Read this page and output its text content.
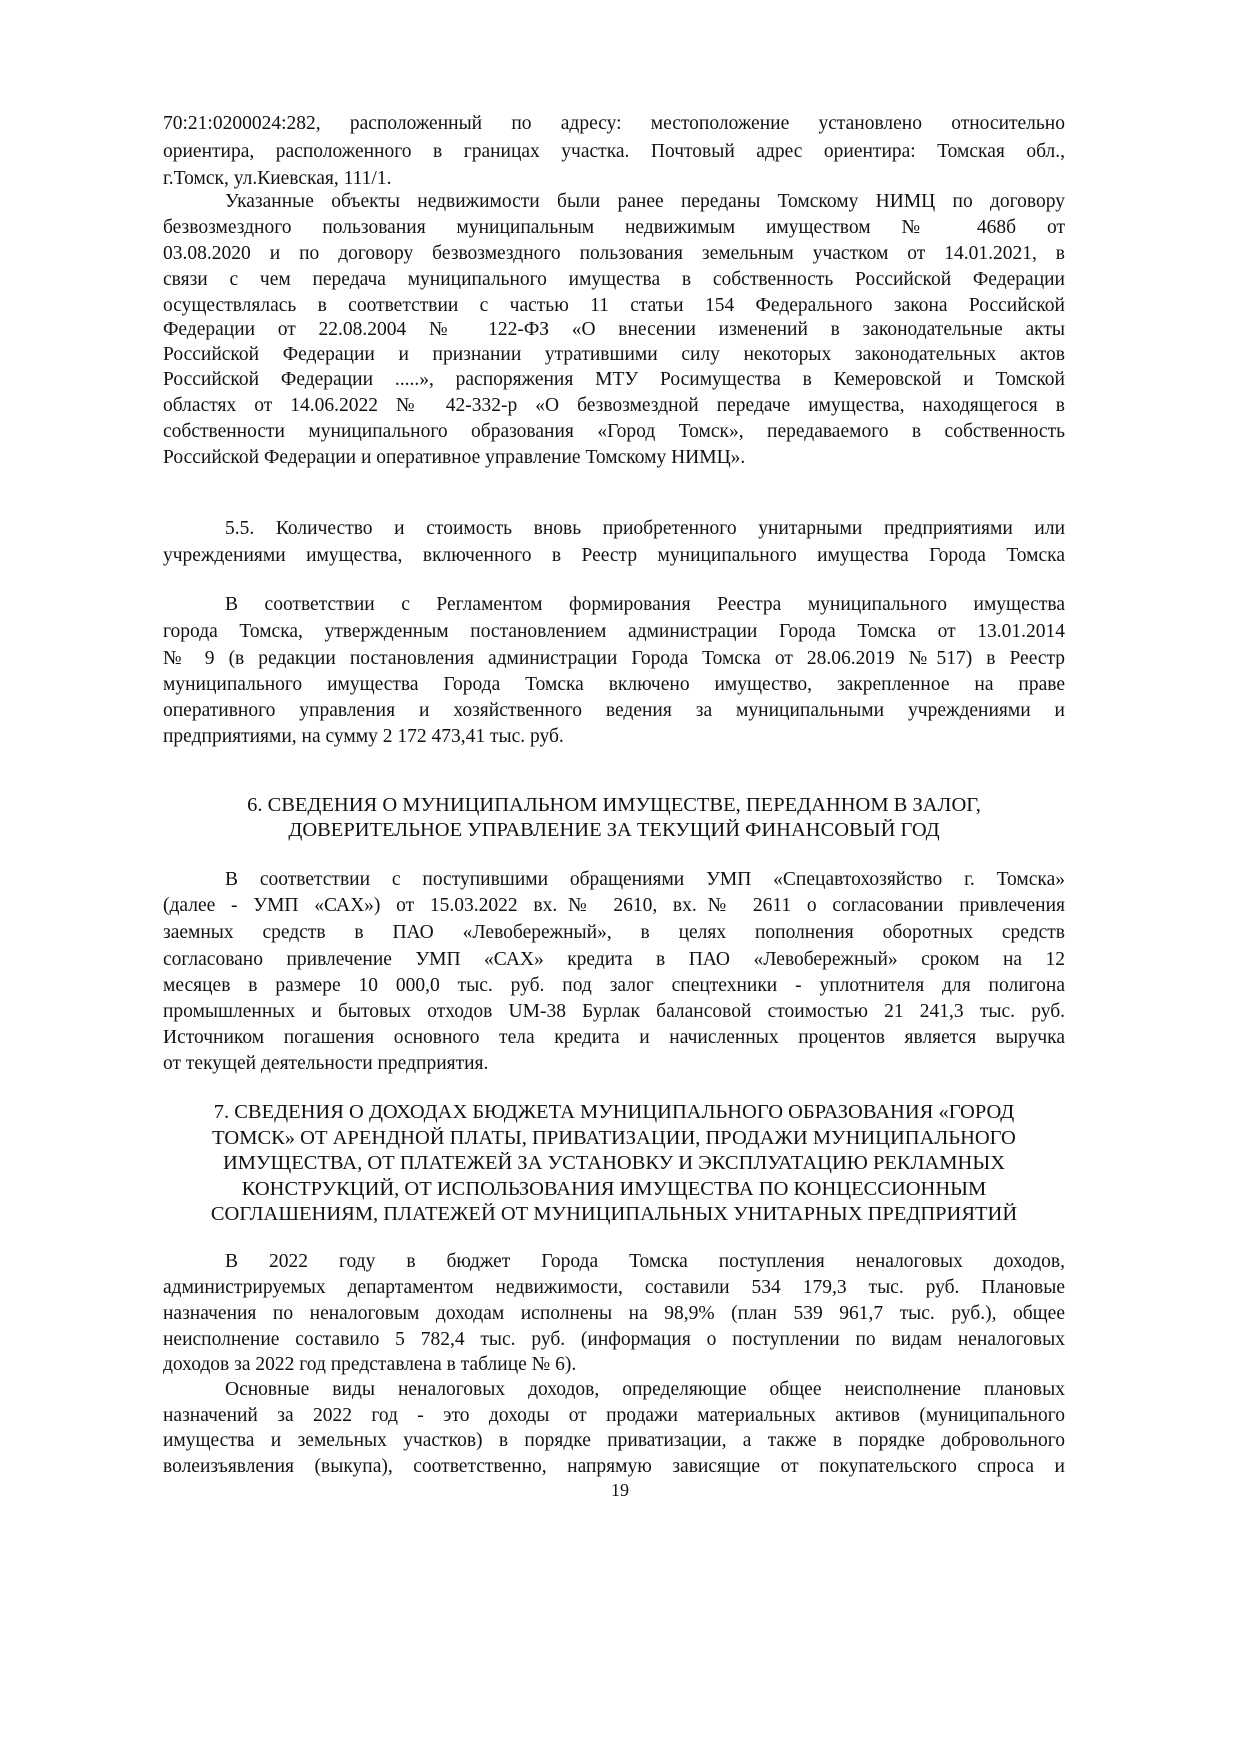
70:21:0200024:282, расположенный по адресу: местоположение установлено относительно
ориентира, расположенного в границах участка. Почтовый адрес ориентира: Томская обл.,
г.Томск, ул.Киевская, 111/1.
Указанные объекты недвижимости были ранее переданы Томскому НИМЦ по договору
безвозмездного пользования муниципальным недвижимым имуществом № 468б от
03.08.2020 и по договору безвозмездного пользования земельным участком от 14.01.2021, в
связи с чем передача муниципального имущества в собственность Российской Федерации
осуществлялась в соответствии с частью 11 статьи 154 Федерального закона Российской
Федерации от 22.08.2004 № 122-ФЗ «О внесении изменений в законодательные акты
Российской Федерации и признании утратившими силу некоторых законодательных актов
Российской Федерации .....», распоряжения МТУ Росимущества в Кемеровской и Томской
областях от 14.06.2022 № 42-332-р «О безвозмездной передаче имущества, находящегося в
собственности муниципального образования «Город Томск», передаваемого в собственность
Российской Федерации и оперативное управление Томскому НИМЦ».
5.5. Количество и стоимость вновь приобретенного унитарными предприятиями или
учреждениями имущества, включенного в Реестр муниципального имущества Города Томска
В соответствии с Регламентом формирования Реестра муниципального имущества
города Томска, утвержденным постановлением администрации Города Томска от 13.01.2014
№ 9 (в редакции постановления администрации Города Томска от 28.06.2019 №517) в Реестр
муниципального имущества Города Томска включено имущество, закрепленное на праве
оперативного управления и хозяйственного ведения за муниципальными учреждениями и
предприятиями, на сумму 2 172 473,41 тыс. руб.
6. СВЕДЕНИЯ О МУНИЦИПАЛЬНОМ ИМУЩЕСТВЕ, ПЕРЕДАННОМ В ЗАЛОГ,
ДОВЕРИТЕЛЬНОЕ УПРАВЛЕНИЕ ЗА ТЕКУЩИЙ ФИНАНСОВЫЙ ГОД
В соответствии с поступившими обращениями УМП «Спецавтохозяйство г. Томска»
(далее - УМП «САХ») от 15.03.2022 вх.№ 2610, вх.№ 2611 о согласовании привлечения
заемных средств в ПАО «Левобережный», в целях пополнения оборотных средств
согласовано привлечение УМП «САХ» кредита в ПАО «Левобережный» сроком на 12
месяцев в размере 10 000,0 тыс. руб. под залог спецтехники - уплотнителя для полигона
промышленных и бытовых отходов UM-38 Бурлак балансовой стоимостью 21 241,3 тыс. руб.
Источником погашения основного тела кредита и начисленных процентов является выручка
от текущей деятельности предприятия.
7. СВЕДЕНИЯ О ДОХОДАХ БЮДЖЕТА МУНИЦИПАЛЬНОГО ОБРАЗОВАНИЯ «ГОРОД
ТОМСК» ОТ АРЕНДНОЙ ПЛАТЫ, ПРИВАТИЗАЦИИ, ПРОДАЖИ МУНИЦИПАЛЬНОГО
ИМУЩЕСТВА, ОТ ПЛАТЕЖЕЙ ЗА УСТАНОВКУ И ЭКСПЛУАТАЦИЮ РЕКЛАМНЫХ
КОНСТРУКЦИЙ, ОТ ИСПОЛЬЗОВАНИЯ ИМУЩЕСТВА ПО КОНЦЕССИОННЫМ
СОГЛАШЕНИЯМ, ПЛАТЕЖЕЙ ОТ МУНИЦИПАЛЬНЫХ УНИТАРНЫХ ПРЕДПРИЯТИЙ
В 2022 году в бюджет Города Томска поступления неналоговых доходов,
администрируемых департаментом недвижимости, составили 534 179,3 тыс. руб. Плановые
назначения по неналоговым доходам исполнены на 98,9% (план 539 961,7 тыс. руб.), общее
неисполнение составило 5 782,4 тыс. руб. (информация о поступлении по видам неналоговых
доходов за 2022 год представлена в таблице № 6).
Основные виды неналоговых доходов, определяющие общее неисполнение плановых
назначений за 2022 год - это доходы от продажи материальных активов (муниципального
имущества и земельных участков) в порядке приватизации, а также в порядке добровольного
волеизъявления (выкупа), соответственно, напрямую зависящие от покупательского спроса и
19
